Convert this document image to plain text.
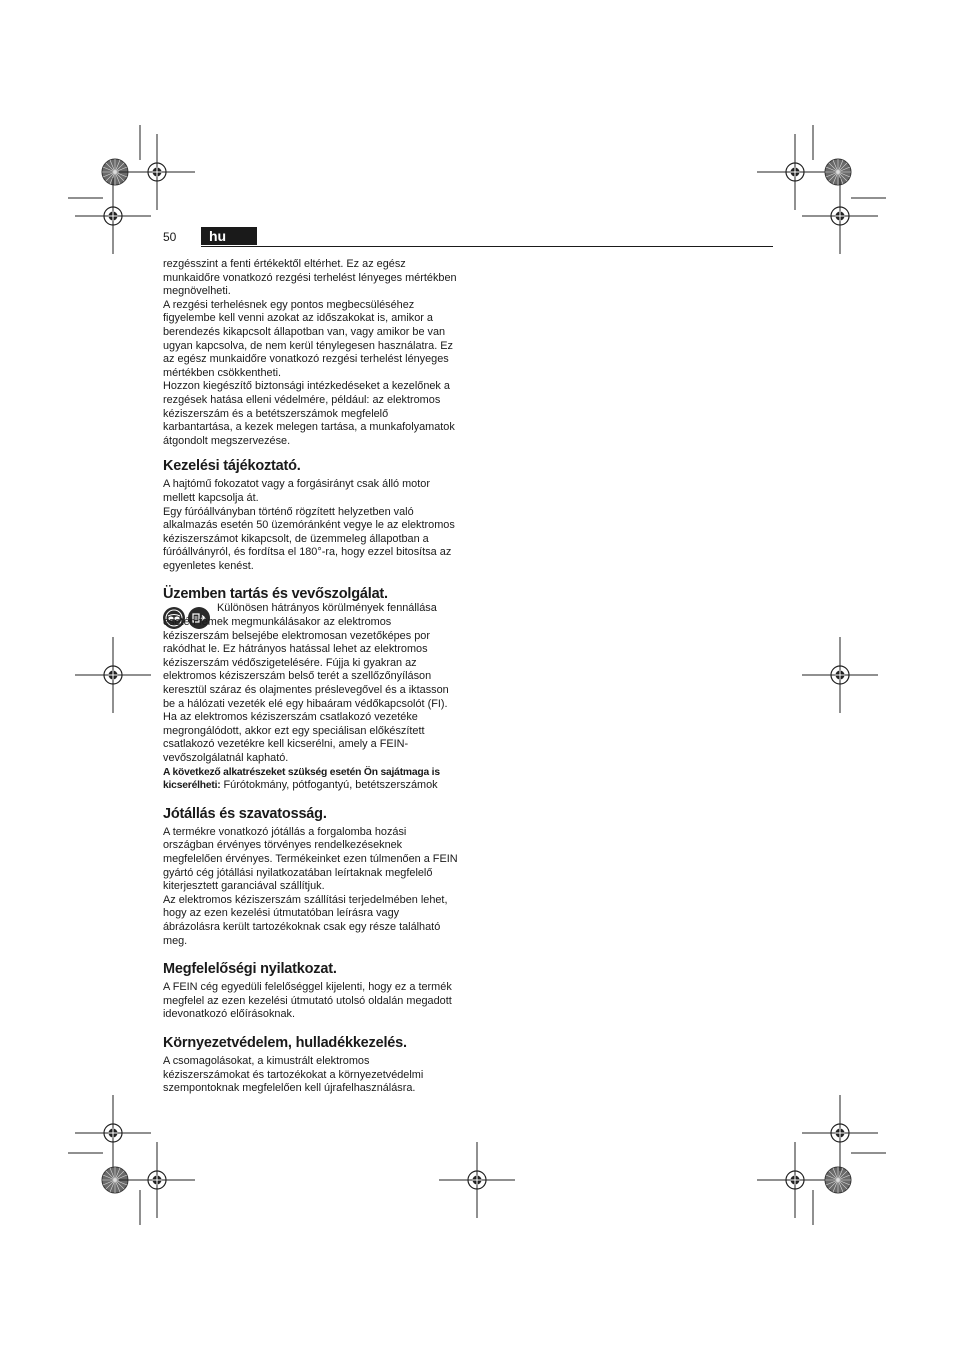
50	hu

rezgésszint a fenti értékektől eltérhet. Ez az egész munkaidőre vonatkozó rezgési terhelést lényeges mértékben megnövelheti.

A rezgési terhelésnek egy pontos megbecsüléséhez figyelembe kell venni azokat az időszakokat is, amikor a berendezés kikapcsolt állapotban van, vagy amikor be van ugyan kapcsolva, de nem kerül ténylegesen használatra. Ez az egész munkaidőre vonatkozó rezgési terhelést lényeges mértékben csökkentheti.

Hozzon kiegészítő biztonsági intézkedéseket a kezelőnek a rezgések hatása elleni védelmére, például: az elektromos kéziszerszám és a betétszerszámok megfelelő karbantartása, a kezek melegen tartása, a munkafolyamatok átgondolt megszervezése.

Kezelési tájékoztató.

A hajtómű fokozatot vagy a forgásirányt csak álló motor mellett kapcsolja át.

Egy fúróállványban történő rögzített helyzetben való alkalmazás esetén 50 üzemóránként vegye le az elektromos kéziszerszámot kikapcsolt, de üzemmeleg állapotban a fúróállványról, és fordítsa el 180°-ra, hogy ezzel bitosítsa az egyenletes kenést.

Üzemben tartás és vevőszolgálat.

Különösen hátrányos körülmények fennállása esetén fémek megmunkálásakor az elektromos kéziszerszám belsejébe elektromosan vezetőképes por rakódhat le. Ez hátrányos hatással lehet az elektromos kéziszerszám védőszigetelésére. Fújja ki gyakran az elektromos kéziszerszám belső terét a szellőzőnyíláson keresztül száraz és olajmentes préslevegővel és a iktasson be a hálózati vezeték elé egy hibaáram védőkapcsolót (FI).

Ha az elektromos kéziszerszám csatlakozó vezetéke megrongálódott, akkor ezt egy speciálisan előkészített csatlakozó vezetékre kell kicserélni, amely a FEIN-vevőszolgálatnál kapható.

A következő alkatrészeket szükség esetén Ön sajátmaga is kicserélheti: Fúrótokmány, pótfogantyú, betétszerszámok

Jótállás és szavatosság.

A termékre vonatkozó jótállás a forgalomba hozási országban érvényes törvényes rendelkezéseknek megfelelően érvényes. Termékeinket ezen túlmenően a FEIN gyártó cég jótállási nyilatkozatában leírtaknak megfelelő kiterjesztett garanciával szállítjuk.

Az elektromos kéziszerszám szállítási terjedelmében lehet, hogy az ezen kezelési útmutatóban leírásra vagy ábrázolásra került tartozékoknak csak egy része található meg.

Megfelelőségi nyilatkozat.

A FEIN cég egyedüli felelőséggel kijelenti, hogy ez a termék megfelel az ezen kezelési útmutató utolsó oldalán megadott idevonatkozó előírásoknak.

Környezetvédelem, hulladékkezelés.

A csomagolásokat, a kimustrált elektromos kéziszerszámokat és tartozékokat a környezetvédelmi szempontoknak megfelelően kell újrafelhasználásra.
